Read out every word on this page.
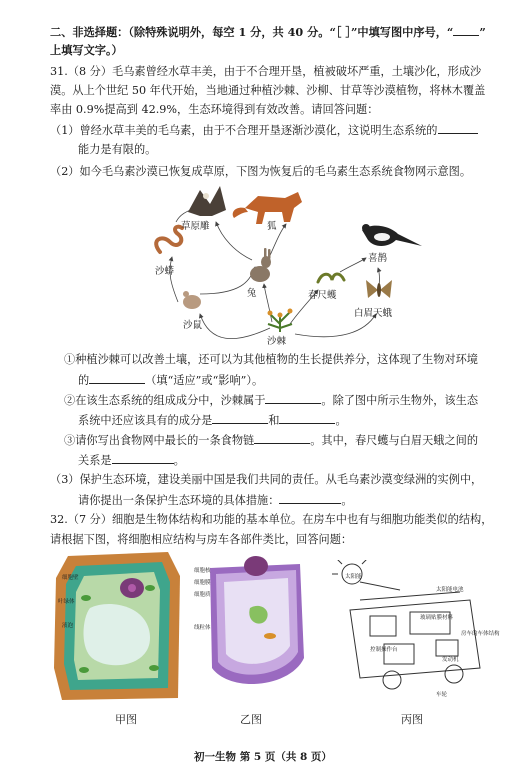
二、非选择题：（除特殊说明外，每空 1 分，共 40 分。“［ ］”中填写图中序号，“ ”
上填写文字。）
31.（8 分）毛乌素曾经水草丰美，由于不合理开垦，植被破坏严重，土壤沙化，形成沙
漠。从上个世纪 50 年代开始，当地通过种植沙棘、沙柳、甘草等沙漠植物，将林木覆盖
率由 0.9%提高到 42.9%，生态环境得到有效改善。请回答问题：
（1）曾经水草丰美的毛乌素，由于不合理开垦逐渐沙漠化，这说明生态系统的
能力是有限的。
（2）如今毛乌素沙漠已恢复成草原，下图为恢复后的毛乌素生态系统食物网示意图。
草原雕	狐
沙蟒
喜鹊
兔	春尺蠖
白眉天蛾
沙鼠
沙棘
①种植沙棘可以改善土壤，还可以为其他植物的生长提供养分，这体现了生物对环境
的	（填“适应”或“影响”）。
②在该生态系统的组成成分中，沙棘属于	。除了图中所示生物外，该生态
系统中还应该具有的成分是	和	。
③请你写出食物网中最长的一条食物链	。其中，春尺蠖与白眉天蛾之间的
关系是	。
（3）保护生态环境，建设美丽中国是我们共同的责任。从毛乌素沙漠变绿洲的实例中，
请你提出一条保护生态环境的具体措施：	。
32.（7 分）细胞是生物体结构和功能的基本单位。在房车中也有与细胞功能类似的结构，
请根据下图，将细胞相应结构与房车各部件类比，回答问题：
细胞壁
叶绿体
液泡
细胞核
细胞膜
细胞质
线粒体
太阳能
太阳能电池
玻璃贴膜材料
房车的车体结构
控制操作台
发动机
车轮
甲图	乙图	丙图
初一生物 第 5 页（共 8 页）
